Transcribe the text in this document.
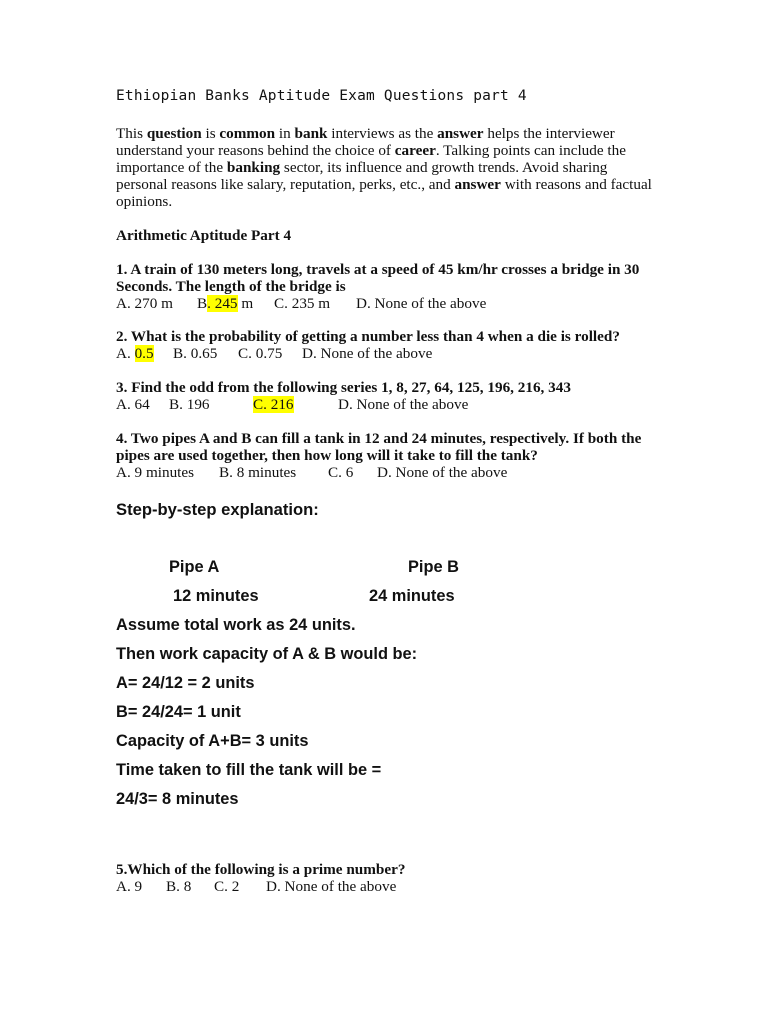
Ethiopian Banks Aptitude Exam Questions part 4
This question is common in bank interviews as the answer helps the interviewer understand your reasons behind the choice of career. Talking points can include the importance of the banking sector, its influence and growth trends. Avoid sharing personal reasons like salary, reputation, perks, etc., and answer with reasons and factual opinions.
Arithmetic Aptitude Part 4
1. A train of 130 meters long, travels at a speed of 45 km/hr crosses a bridge in 30 Seconds. The length of the bridge is
A. 270 m B. 245 m C. 235 m D. None of the above
2. What is the probability of getting a number less than 4 when a die is rolled?
A. 0.5 B. 0.65 C. 0.75 D. None of the above
3. Find the odd from the following series 1, 8, 27, 64, 125, 196, 216, 343
A. 64 B. 196	C. 216	D. None of the above
4. Two pipes A and B can fill a tank in 12 and 24 minutes, respectively. If both the pipes are used together, then how long will it take to fill the tank?
A. 9 minutes B. 8 minutes C. 6 D. None of the above
Step-by-step explanation:
Pipe A	Pipe B
12 minutes	24 minutes
Assume total work as 24 units.
Then work capacity of A & B would be:
A= 24/12 = 2 units
B= 24/24= 1 unit
Capacity of A+B= 3 units
Time taken to fill the tank will be =
24/3= 8 minutes
5.Which of the following is a prime number?
A. 9 B. 8 C. 2 D. None of the above
